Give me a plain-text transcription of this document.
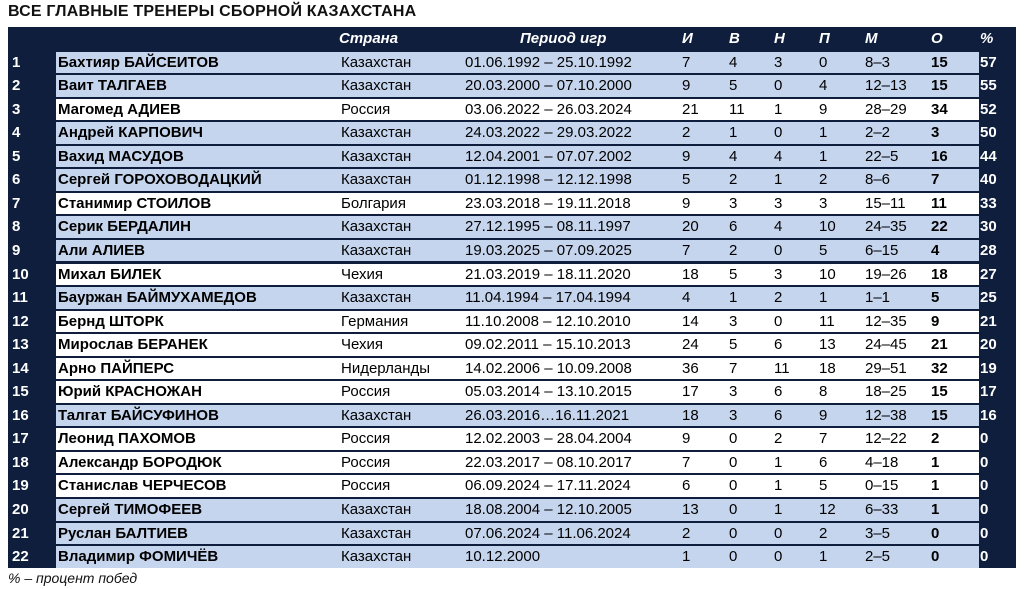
ВСЕ ГЛАВНЫЕ ТРЕНЕРЫ СБОРНОЙ КАЗАХСТАНА
Страна	Период игр	И В Н П М	О %
1	Бахтияр БАЙСЕИТОВ	Казахстан	01.06.1992 – 25.10.1992	7	4 3 0	8–3	15 57
2	Ваит ТАЛГАЕВ	Казахстан	20.03.2000 – 07.10.2000	9	5 0 4	12–13 15 55
3	Магомед АДИЕВ	Россия	03.06.2022 – 26.03.2024	21 11 1 9	28–29 34 52
4	Андрей КАРПОВИЧ	Казахстан	24.03.2022 – 29.03.2022	2	1 0 1	2–2	3	50
5	Вахид МАСУДОВ	Казахстан	12.04.2001 – 07.07.2002	9	4 4 1	22–5 16 44
6	Сергей ГОРОХОВОДАЦКИЙ	Казахстан	01.12.1998 – 12.12.1998	5	2 1 2	8–6	7	40
7	Станимир СТОИЛОВ	Болгария	23.03.2018 – 19.11.2018	9	3 3 3	15–11 11 33
8	Серик БЕРДАЛИН	Казахстан	27.12.1995 – 08.11.1997	20 6 4 10 24–35 22 30
9	Али АЛИЕВ	Казахстан	19.03.2025 – 07.09.2025	7	2 0 5	6–15 4	28
10 Михал БИЛЕК	Чехия	21.03.2019 – 18.11.2020	18 5 3 10 19–26 18 27
11 Бауржан БАЙМУХАМЕДОВ	Казахстан	11.04.1994 – 17.04.1994	4	1 2 1	1–1	5	25
12 Бернд ШТОРК	Германия	11.10.2008 – 12.10.2010	14 3 0 11 12–35 9	21
13 Мирослав БЕРАНЕК	Чехия	09.02.2011 – 15.10.2013	24 5 6 13 24–45 21 20
14 Арно ПАЙПЕРС	Нидерланды 14.02.2006 – 10.09.2008	36 7 11 18 29–51 32 19
15 Юрий КРАСНОЖАН	Россия	05.03.2014 – 13.10.2015	17 3 6 8	18–25 15 17
16 Талгат БАЙСУФИНОВ	Казахстан	26.03.2016…16.11.2021	18 3 6 9	12–38 15 16
17 Леонид ПАХОМОВ	Россия	12.02.2003 – 28.04.2004	9	0 2 7	12–22 2	0
18 Александр БОРОДЮК	Россия	22.03.2017 – 08.10.2017	7	0 1 6	4–18 1	0
19 Станислав ЧЕРЧЕСОВ	Россия	06.09.2024 – 17.11.2024	6	0 1 5	0–15 1	0
20 Сергей ТИМОФЕЕВ	Казахстан	18.08.2004 – 12.10.2005	13 0 1 12 6–33 1	0
21 Руслан БАЛТИЕВ	Казахстан	07.06.2024 – 11.06.2024	2	0 0 2	3–5	0	0
22 Владимир ФОМИЧЁВ	Казахстан	10.12.2000	1	0 0 1	2–5	0	0
% – процент побед
